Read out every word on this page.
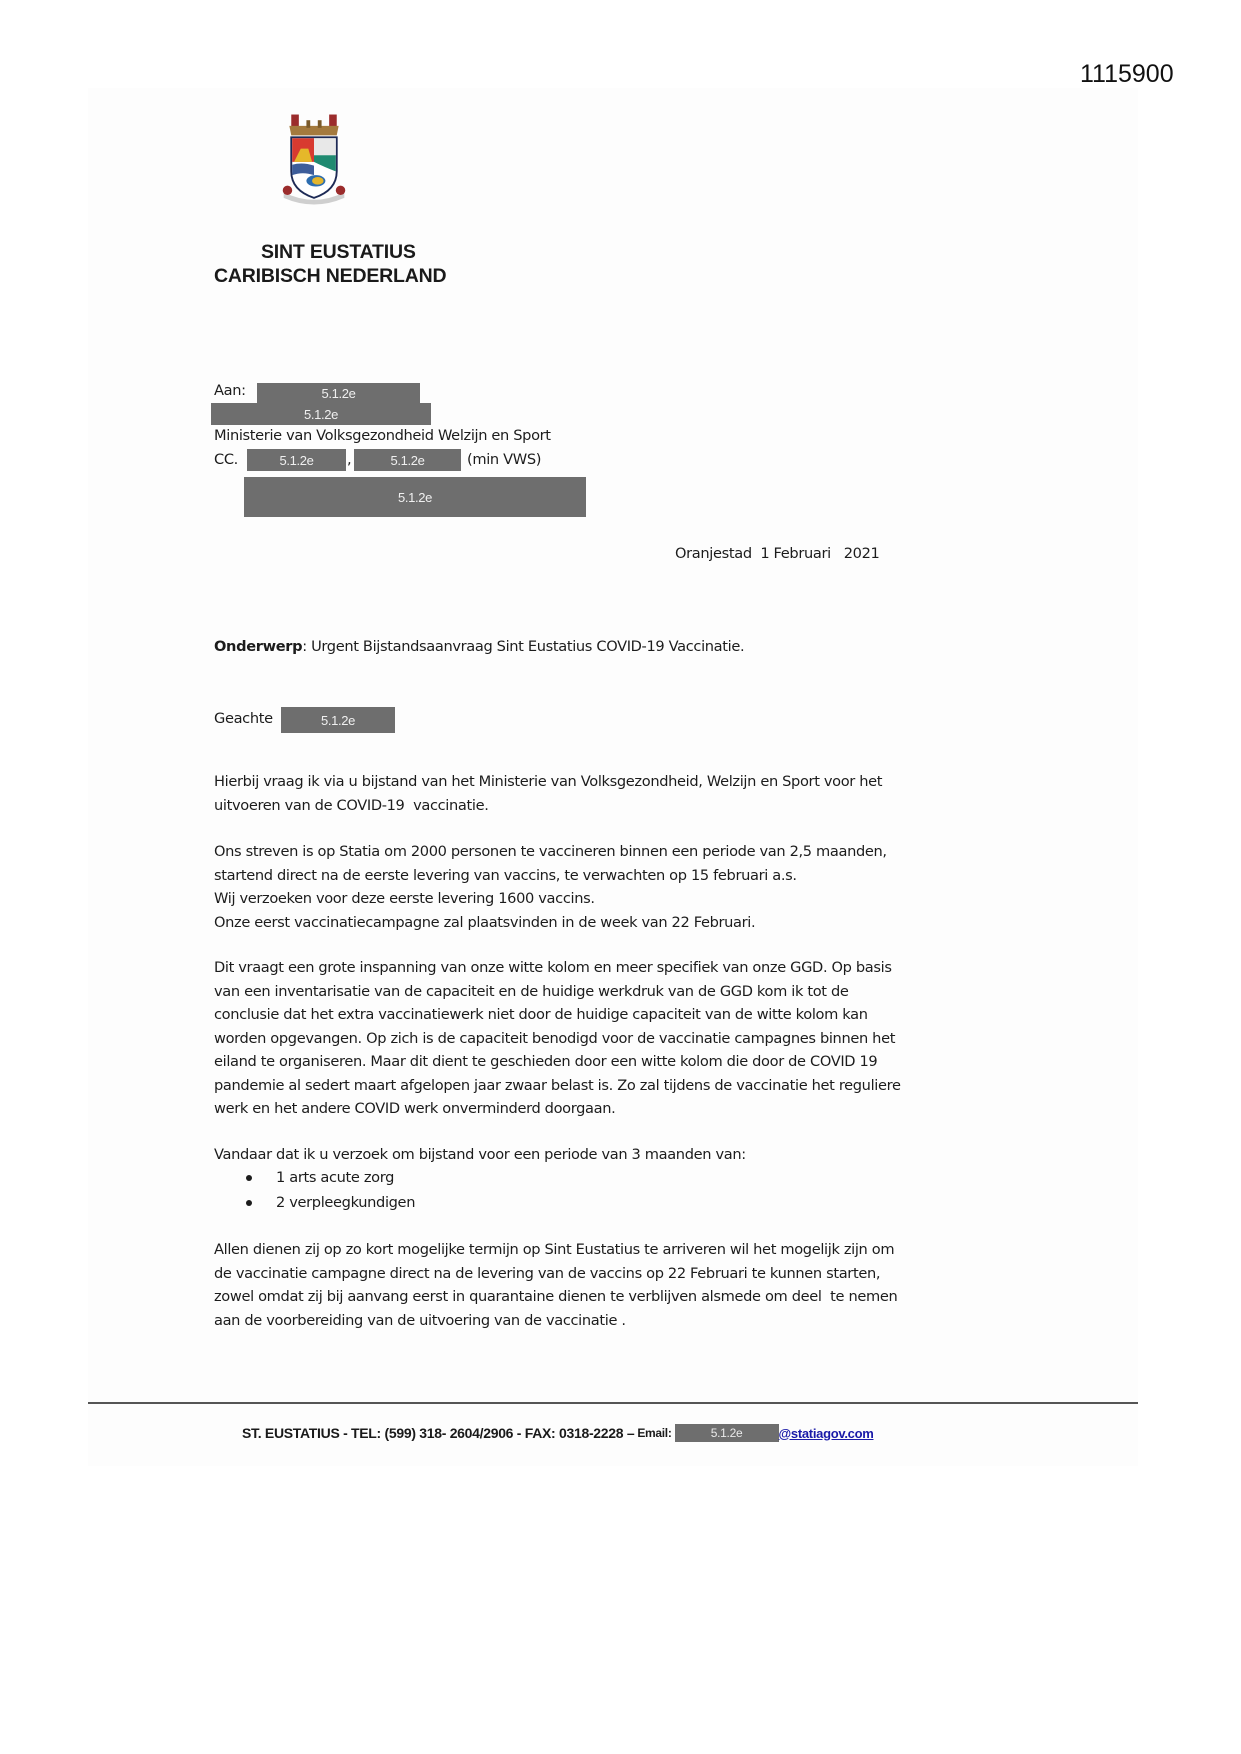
1115900
SINT EUSTATIUS
CARIBISCH NEDERLAND
Aan:	5.1.2e
5.1.2e
Ministerie van Volksgezondheid Welzijn en Sport
CC.	5.1.2e	,	5.1.2e	(min VWS)
5.1.2e
Oranjestad  1 Februari   2021
Onderwerp: Urgent Bijstandsaanvraag Sint Eustatius COVID-19 Vaccinatie.
Geachte	5.1.2e

Hierbij vraag ik via u bijstand van het Ministerie van Volksgezondheid, Welzijn en Sport voor het

uitvoeren van de COVID-19  vaccinatie.

Ons streven is op Statia om 2000 personen te vaccineren binnen een periode van 2,5 maanden,

startend direct na de eerste levering van vaccins, te verwachten op 15 februari a.s.

Wij verzoeken voor deze eerste levering 1600 vaccins.

Onze eerst vaccinatiecampagne zal plaatsvinden in de week van 22 Februari.

Dit vraagt een grote inspanning van onze witte kolom en meer specifiek van onze GGD. Op basis

van een inventarisatie van de capaciteit en de huidige werkdruk van de GGD kom ik tot de

conclusie dat het extra vaccinatiewerk niet door de huidige capaciteit van de witte kolom kan

worden opgevangen. Op zich is de capaciteit benodigd voor de vaccinatie campagnes binnen het

eiland te organiseren. Maar dit dient te geschieden door een witte kolom die door de COVID 19

pandemie al sedert maart afgelopen jaar zwaar belast is. Zo zal tijdens de vaccinatie het reguliere

werk en het andere COVID werk onverminderd doorgaan.

Vandaar dat ik u verzoek om bijstand voor een periode van 3 maanden van:

1 arts acute zorg
2 verpleegkundigen

Allen dienen zij op zo kort mogelijke termijn op Sint Eustatius te arriveren wil het mogelijk zijn om

de vaccinatie campagne direct na de levering van de vaccins op 22 Februari te kunnen starten,

zowel omdat zij bij aanvang eerst in quarantaine dienen te verblijven alsmede om deel  te nemen

aan de voorbereiding van de uitvoering van de vaccinatie .

ST. EUSTATIUS - TEL: (599) 318- 2604/2906 - FAX: 0318-2228 – Email:	5.1.2e	@statiagov.com
